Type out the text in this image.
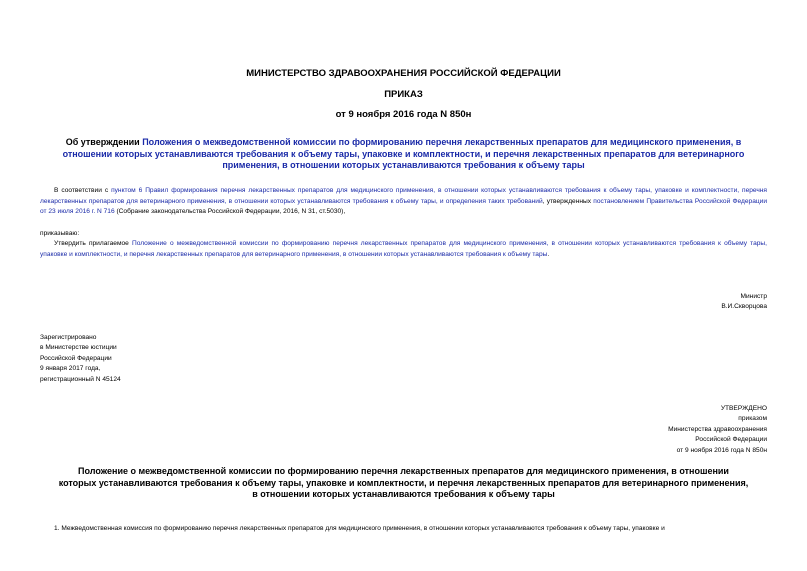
МИНИСТЕРСТВО ЗДРАВООХРАНЕНИЯ РОССИЙСКОЙ ФЕДЕРАЦИИ
ПРИКАЗ
от 9 ноября 2016 года N 850н
Об утверждении Положения о межведомственной комиссии по формированию перечня лекарственных препаратов для медицинского применения, в отношении которых устанавливаются требования к объему тары, упаковке и комплектности, и перечня лекарственных препаратов для ветеринарного применения, в отношении которых устанавливаются требования к объему тары
В соответствии с пунктом 6 Правил формирования перечня лекарственных препаратов для медицинского применения, в отношении которых устанавливаются требования к объему тары, упаковке и комплектности, перечня лекарственных препаратов для ветеринарного применения, в отношении которых устанавливаются требования к объему тары, и определения таких требований, утвержденных постановлением Правительства Российской Федерации от 23 июля 2016 г. N 716 (Собрание законодательства Российской Федерации, 2016, N 31, ст.5030),
приказываю:
Утвердить прилагаемое Положение о межведомственной комиссии по формированию перечня лекарственных препаратов для медицинского применения, в отношении которых устанавливаются требования к объему тары, упаковке и комплектности, и перечня лекарственных препаратов для ветеринарного применения, в отношении которых устанавливаются требования к объему тары.
Министр
В.И.Скворцова
Зарегистрировано
в Министерстве юстиции
Российской Федерации
9 января 2017 года,
регистрационный N 45124
УТВЕРЖДЕНО
приказом
Министерства здравоохранения
Российской Федерации
от 9 ноября 2016 года N 850н
Положение о межведомственной комиссии по формированию перечня лекарственных препаратов для медицинского применения, в отношении которых устанавливаются требования к объему тары, упаковке и комплектности, и перечня лекарственных препаратов для ветеринарного применения, в отношении которых устанавливаются требования к объему тары
1. Межведомственная комиссия по формированию перечня лекарственных препаратов для медицинского применения, в отношении которых устанавливаются требования к объему тары, упаковке и
